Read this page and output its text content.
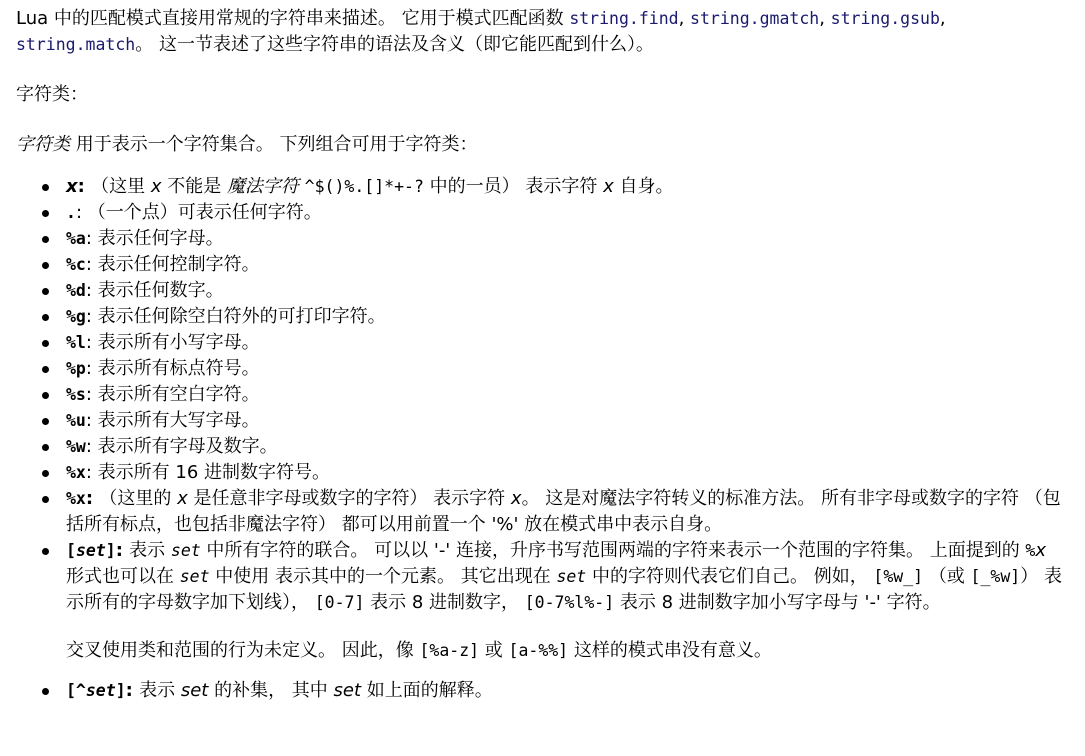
Lua 中的匹配模式直接用常规的字符串来描述。 它用于模式匹配函数 string.find, string.gmatch, string.gsub,
string.match。 这一节表述了这些字符串的语法及含义（即它能匹配到什么）。

字符类：

字符类 用于表示一个字符集合。 下列组合可用于字符类：

x: （这里 x 不能是 魔法字符 ^$()%.[]*+-? 中的一员） 表示字符 x 自身。
.: （一个点）可表示任何字符。
%a: 表示任何字母。
%c: 表示任何控制字符。
%d: 表示任何数字。
%g: 表示任何除空白符外的可打印字符。
%l: 表示所有小写字母。
%p: 表示所有标点符号。
%s: 表示所有空白字符。
%u: 表示所有大写字母。
%w: 表示所有字母及数字。
%x: 表示所有 16 进制数字符号。
%x: （这里的 x 是任意非字母或数字的字符） 表示字符 x。 这是对魔法字符转义的标准方法。 所有非字母或数字的字符 （包括所有标点，也包括非魔法字符） 都可以用前置一个 '%' 放在模式串中表示自身。
[set]: 表示 set 中所有字符的联合。 可以以 '-' 连接，升序书写范围两端的字符来表示一个范围的字符集。 上面提到的 %x 形式也可以在 set 中使用 表示其中的一个元素。 其它出现在 set 中的字符则代表它们自己。 例如， [%w_] （或 [_%w]） 表示所有的字母数字加下划线）， [0-7] 表示 8 进制数字， [0-7%l%-] 表示 8 进制数字加小写字母与 '-' 字符。

交叉使用类和范围的行为未定义。 因此，像 [%a-z] 或 [a-%%] 这样的模式串没有意义。

[^set]: 表示 set 的补集， 其中 set 如上面的解释。
